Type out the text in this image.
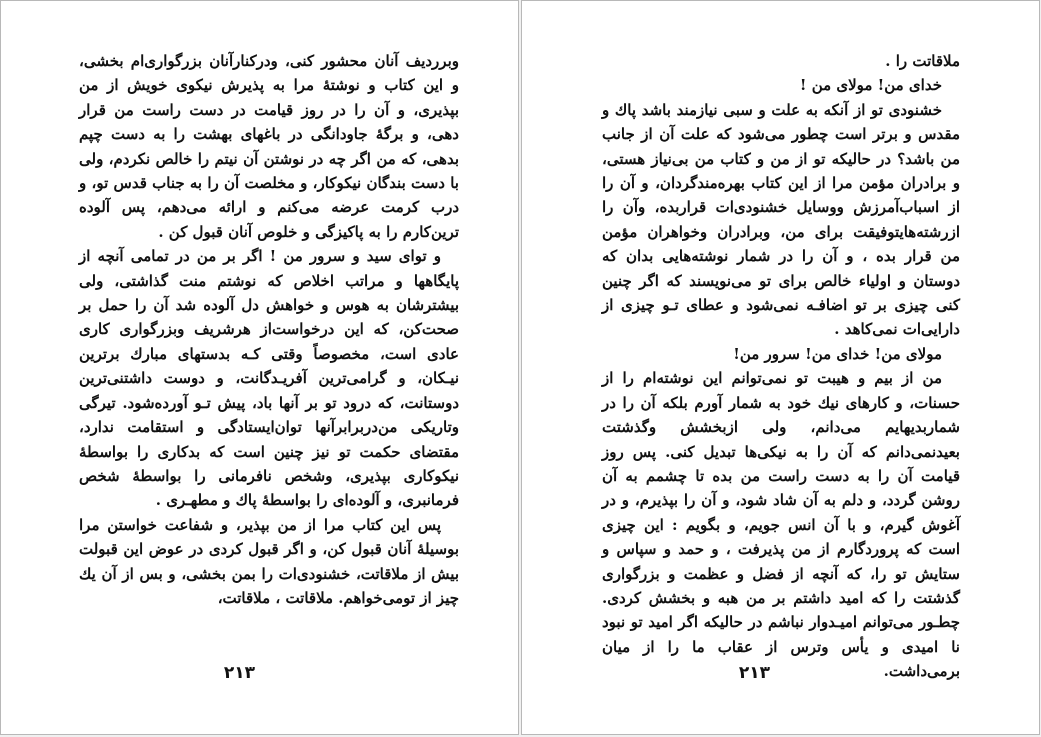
وبرردیف آنان محشور کنی، ودرکنارآنان بزرگواری‌ام بخشی، و این کتاب و نوشتهٔ مرا به پذیرش نیکوی خویش از من بپذیری، و آن را در روز قیامت در دست راست من قرار دهی، و برگهٔ جاودانگی در باغهای بهشت را به دست چپم بدهی، که من اگر چه در نوشتن آن نیتم را خالص نکردم، ولی با دست بندگان نیکوکار، و مخلصت آن را به جناب قدس تو، و درب کرمت عرضه می‌کنم و ارائه می‌دهم، پس آلوده ترین‌کارم را به پاکیزگی و خلوص آنان قبول کن .

و توای سید و سرور من ! اگر بر من در تمامی آنچه از پایگاهها و مراتب اخلاص که نوشتم منت گذاشتی، ولی بیشترشان به هوس و خواهش دل آلوده شد آن را حمل بر صحت‌کن، که این درخواست‌از هرشریف وبزرگواری کاری عادی است، مخصوصاً وقتی کـه بدستهای مبارك برترین نیـکان، و گرامی‌ترین آفریـدگانت، و دوست داشتنی‌ترین دوستانت، که درود تو بر آنها باد، پیش تـو آورده‌شود. تیرگی وتاریکی من‌دربرابرآنها توان‌ایستادگی و استقامت ندارد، مقتضای حکمت تو نیز چنین است که بدکاری را بواسطهٔ نیکوکاری بپذیری، وشخص نافرمانی را بواسطهٔ شخص فرمانبری، و آلوده‌ای را بواسطهٔ پاك و مطهـری .

پس این کتاب مرا از من بپذیر، و شفاعت خواستن مرا بوسیلهٔ آنان قبول کن، و اگر قبول کردی در عوض این قبولت بیش از ملاقاتت، خشنودی‌ات را بمن بخشی، و بس از آن یك چیز از تومی‌خواهم. ملاقاتت ، ملاقاتت،

۲۱۳

ملاقاتت را .

خدای من! مولای من !

خشنودی تو از آنکه به علت و سبی نیازمند باشد پاك و مقدس و برتر است چطور می‌شود که علت آن از جانب من باشد؟ در حالیکه تو از من و کتاب من بی‌نیاز هستی، و برادران مؤمن مرا از این کتاب بهره‌مندگردان، و آن را از اسباب‌آمرزش ووسایل خشنودی‌ات قراربده، وآن را ازرشته‌هایتوفیقت برای من، وبرادران وخواهران مؤمن من قرار بده ، و آن را در شمار نوشته‌هایی بدان که دوستان و اولیاء خالص برای تو می‌نویسند که اگر چنین کنی چیزی بر تو اضافـه نمی‌شود و عطای تـو چیزی از دارایی‌ات نمی‌کاهد .

مولای من! خدای من! سرور من!

من از بیم و هیبت تو نمی‌توانم این نوشته‌ام را از حسنات، و کارهای نیك خود به شمار آورم بلکه آن را در شماربدیهایم می‌دانم، ولی ازبخشش وگذشتت بعیدنمی‌دانم که آن را به نیکی‌ها تبدیل کنی. پس روز قیامت آن را به دست راست من بده تا چشمم به آن روشن گردد، و دلم به آن شاد شود، و آن را بپذیرم، و در آغوش گیرم، و با آن انس جویم، و بگویم : این چیزی است که پروردگارم از من پذیرفت ، و حمد و سپاس و ستایش تو را، که آنچه از فضل و عظمت و بزرگواری گذشتت را که امید داشتم بر من هبه و بخشش کردی. چطـور می‌توانم امیـدوار نباشم در حالیکه اگر امید تو نبود نا امیدی و یأس وترس از عقاب ما را از میان برمی‌داشت.

۲۱۳
